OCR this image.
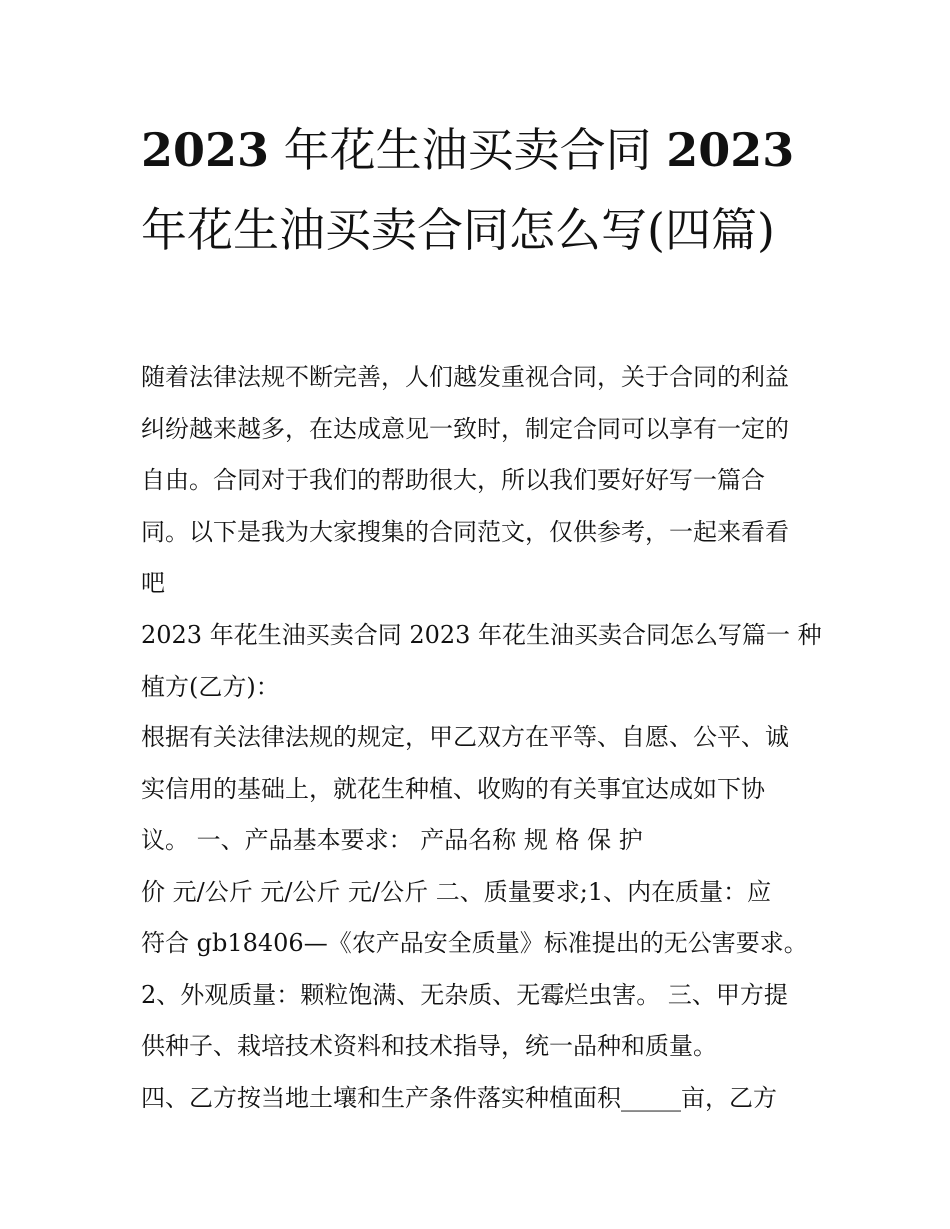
2023 年花生油买卖合同 2023
年花生油买卖合同怎么写(四篇)
随着法律法规不断完善，人们越发重视合同，关于合同的利益
纠纷越来越多，在达成意见一致时，制定合同可以享有一定的
自由。合同对于我们的帮助很大，所以我们要好好写一篇合
同。以下是我为大家搜集的合同范文，仅供参考，一起来看看
吧
2023 年花生油买卖合同 2023 年花生油买卖合同怎么写篇一 种
植方(乙方)：
根据有关法律法规的规定，甲乙双方在平等、自愿、公平、诚
实信用的基础上，就花生种植、收购的有关事宜达成如下协
议。 一、产品基本要求： 产品名称 规 格 保 护
价 元/公斤 元/公斤 元/公斤 二、质量要求;1、内在质量：应
符合 gb18406—《农产品安全质量》标准提出的无公害要求。
2、外观质量：颗粒饱满、无杂质、无霉烂虫害。 三、甲方提
供种子、栽培技术资料和技术指导，统一品种和质量。
四、乙方按当地土壤和生产条件落实种植面积_____亩，乙方
